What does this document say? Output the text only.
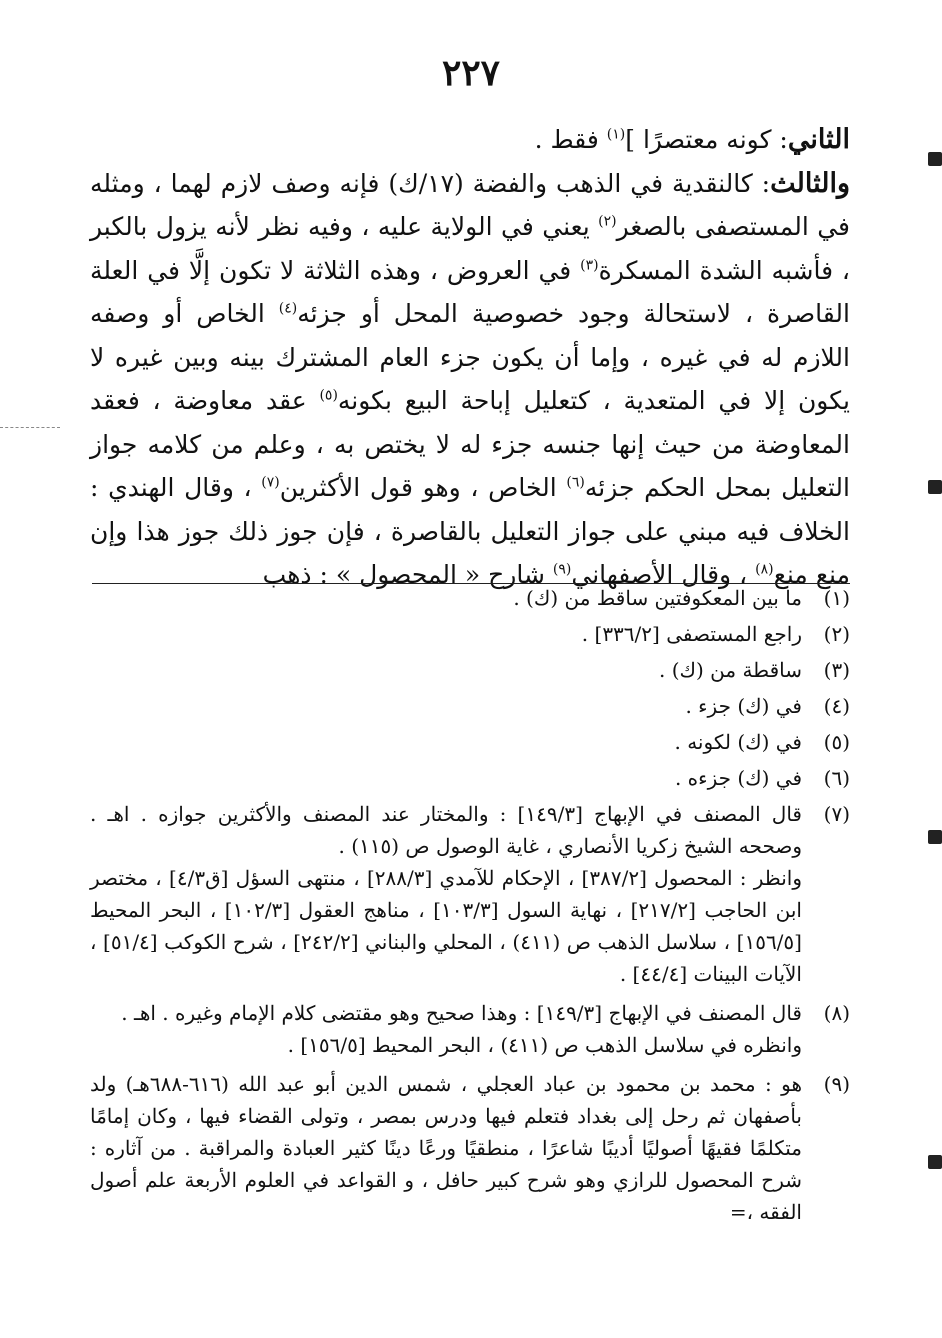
٢٢٧

الثاني: كونه معتصرًا ]$^{(١)}$ فقط .

والثالث: كالنقدية في الذهب والفضة (١٧/ك) فإنه وصف لازم لهما ، ومثله في المستصفى بالصغر$^{(٢)}$ يعني في الولاية عليه ، وفيه نظر لأنه يزول بالكبر ، فأشبه الشدة المسكرة$^{(٣)}$ في العروض ، وهذه الثلاثة لا تكون إلَّا في العلة القاصرة ، لاستحالة وجود خصوصية المحل أو جزئه$^{(٤)}$ الخاص أو وصفه اللازم له في غيره ، وإما أن يكون جزء العام المشترك بينه وبين غيره لا يكون إلا في المتعدية ، كتعليل إباحة البيع بكونه$^{(٥)}$ عقد معاوضة ، فعقد المعاوضة من حيث إنها جنسه جزء له لا يختص به ، وعلم من كلامه جواز التعليل بمحل الحكم جزئه$^{(٦)}$ الخاص ، وهو قول الأكثرين$^{(٧)}$ ، وقال الهندي : الخلاف فيه مبني على جواز التعليل بالقاصرة ، فإن جوز ذلك جوز هذا وإن منع منع$^{(٨)}$ ، وقال الأصفهاني$^{(٩)}$ شارح « المحصول » : ذهب

(١)
ما بين المعكوفتين ساقط من (ك) .
(٢)
راجع المستصفى [٣٣٦/٢] .
(٣)
ساقطة من (ك) .
(٤)
في (ك) جزء .
(٥)
في (ك) لكونه .
(٦)
في (ك) جزءه .
(٧)

قال المصنف في الإبهاج [١٤٩/٣] : والمختار عند المصنف والأكثرين جوازه . اهـ . وصححه الشيخ زكريا الأنصاري ، غاية الوصول ص (١١٥) .

وانظر : المحصول [٣٨٧/٢] ، الإحكام للآمدي [٢٨٨/٣] ، منتهى السؤل [ق٤/٣] ، مختصر ابن الحاجب [٢١٧/٢] ، نهاية السول [١٠٣/٣] ، مناهج العقول [١٠٢/٣] ، البحر المحيط [١٥٦/٥] ، سلاسل الذهب ص (٤١١) ، المحلي والبناني [٢٤٢/٢] ، شرح الكوكب [٥١/٤] ، الآيات البينات [٤٤/٤] .

(٨)

قال المصنف في الإبهاج [١٤٩/٣] : وهذا صحيح وهو مقتضى كلام الإمام وغيره . اهـ .

وانظره في سلاسل الذهب ص (٤١١) ، البحر المحيط [١٥٦/٥] .

(٩)
هو : محمد بن محمود بن عباد العجلي ، شمس الدين أبو عبد الله (٦١٦-٦٨٨هـ) ولد بأصفهان ثم رحل إلى بغداد فتعلم فيها ودرس بمصر ، وتولى القضاء فيها ، وكان إمامًا متكلمًا فقيهًا أصوليًا أديبًا شاعرًا ، منطقيًا ورعًا دينًا كثير العبادة والمراقبة . من آثاره : شرح المحصول للرازي وهو شرح كبير حافل ، و القواعد في العلوم الأربعة علم أصول الفقه ،=
